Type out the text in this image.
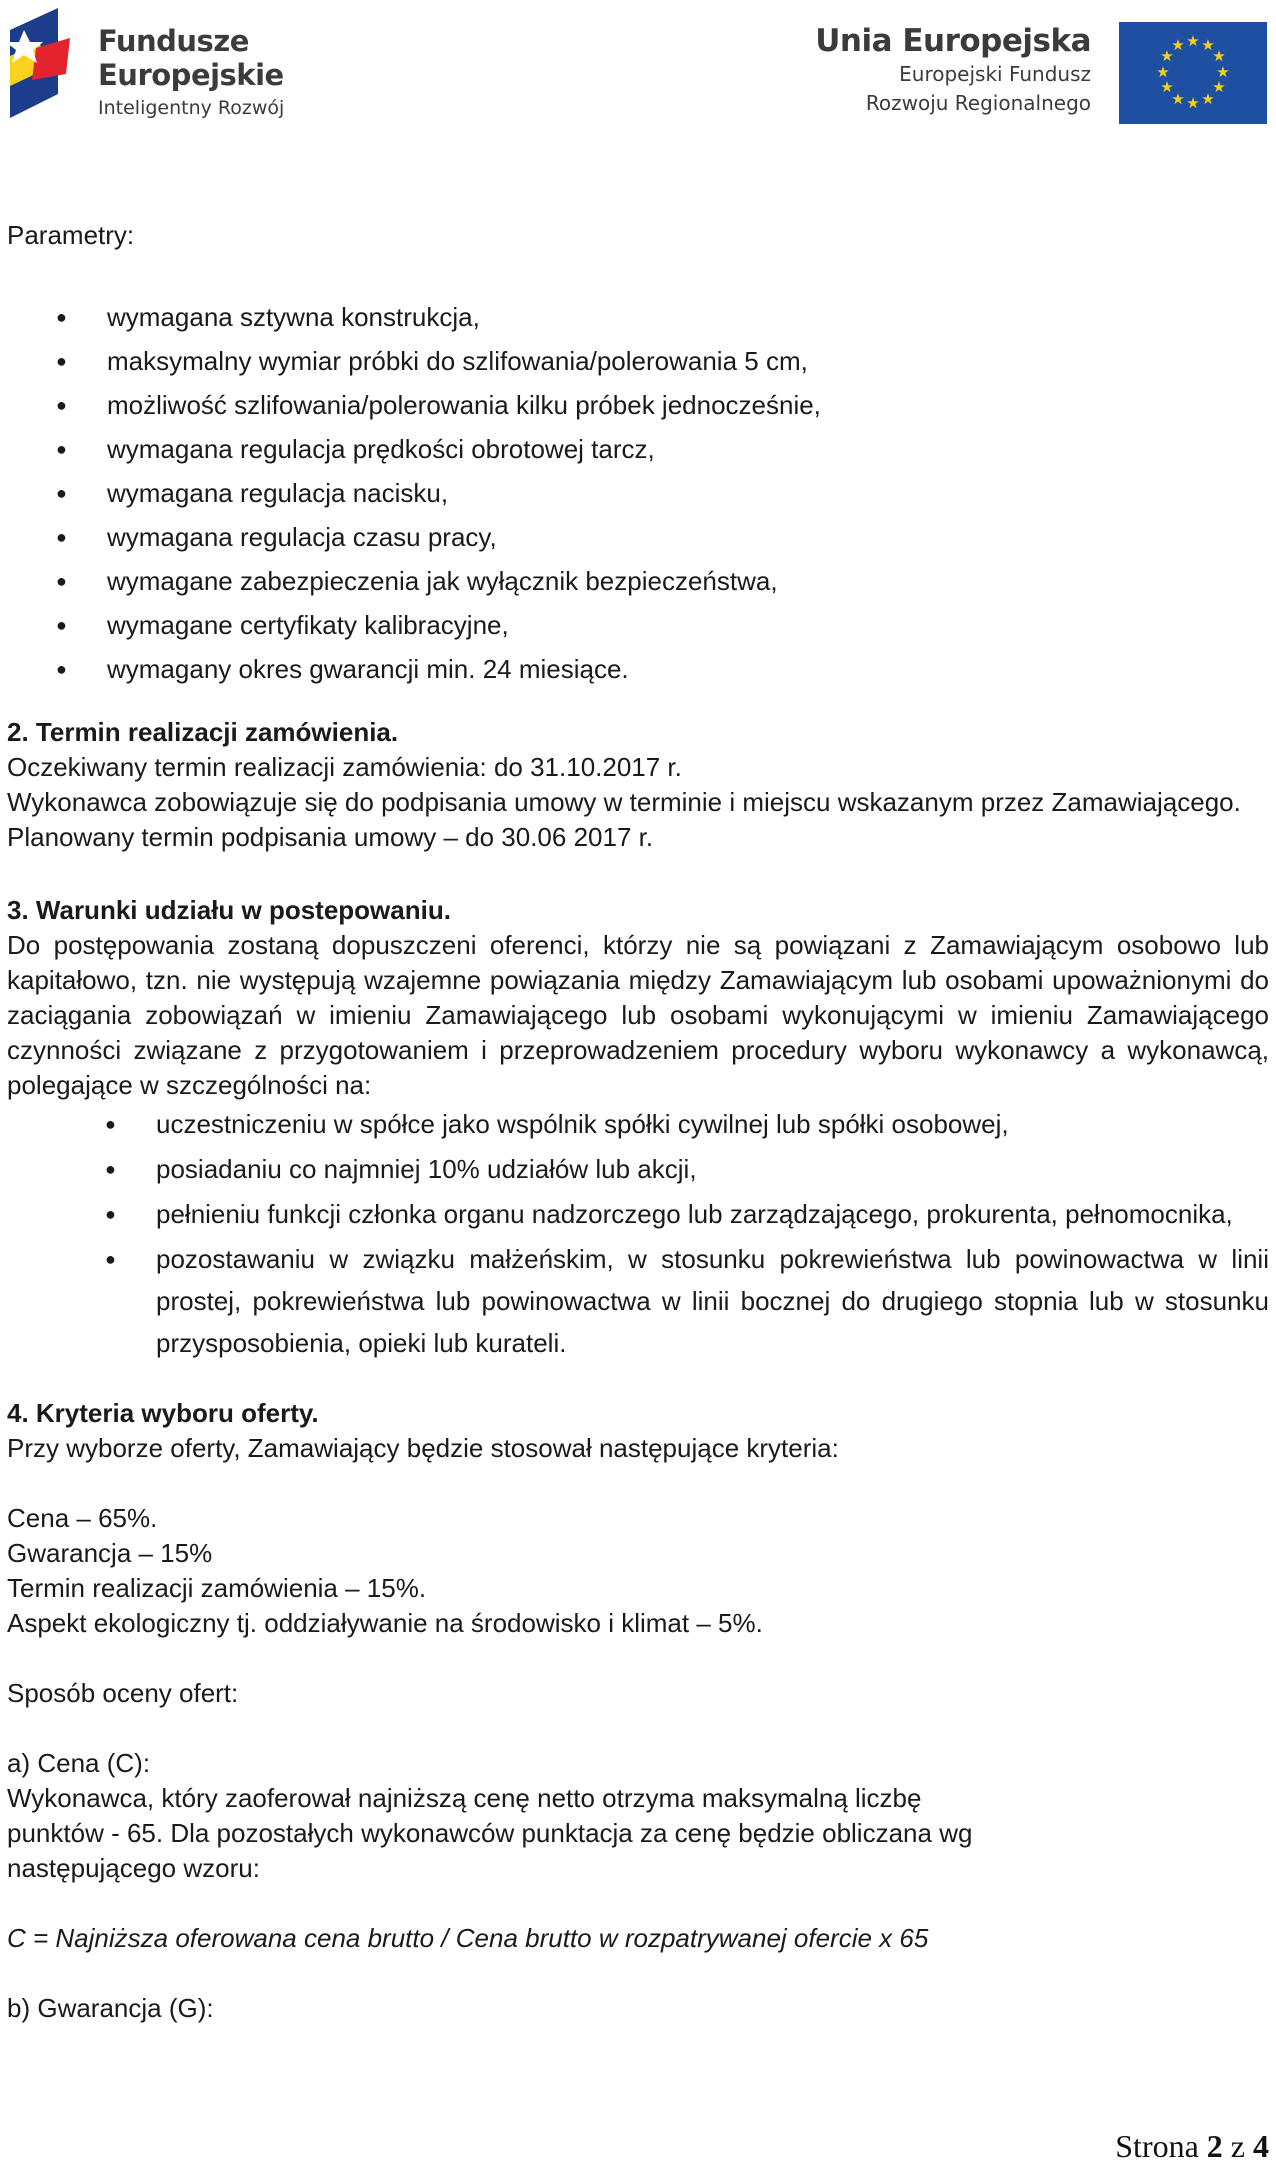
Fundusze
Europejskie
Inteligentny Rozwój
Unia Europejska
Europejski Fundusz
Rozwoju Regionalnego
★ ★
★
★
★
★
★
★
★
★
★
★

Parametry:

● wymagana sztywna konstrukcja,
● maksymalny wymiar próbki do szlifowania/polerowania 5 cm,
● możliwość szlifowania/polerowania kilku próbek jednocześnie,
● wymagana regulacja prędkości obrotowej tarcz,
● wymagana regulacja nacisku,
● wymagana regulacja czasu pracy,
● wymagane zabezpieczenia jak wyłącznik bezpieczeństwa,
● wymagane certyfikaty kalibracyjne,
● wymagany okres gwarancji min. 24 miesiące.

2. Termin realizacji zamówienia.

Oczekiwany termin realizacji zamówienia: do 31.10.2017 r.

Wykonawca zobowiązuje się do podpisania umowy w terminie i miejscu wskazanym przez Zamawiającego.

Planowany termin podpisania umowy – do 30.06 2017 r.

3. Warunki udziału w postepowaniu.

Do postępowania zostaną dopuszczeni oferenci, którzy nie są powiązani z Zamawiającym osobowo lub kapitałowo, tzn. nie występują wzajemne powiązania między Zamawiającym lub osobami upoważnionymi do zaciągania zobowiązań w imieniu Zamawiającego lub osobami wykonującymi w imieniu Zamawiającego czynności związane z przygotowaniem i przeprowadzeniem procedury wyboru wykonawcy a wykonawcą, polegające w szczególności na:

● uczestniczeniu w spółce jako wspólnik spółki cywilnej lub spółki osobowej,
● posiadaniu co najmniej 10% udziałów lub akcji,
● pełnieniu funkcji członka organu nadzorczego lub zarządzającego, prokurenta, pełnomocnika,
● pozostawaniu w związku małżeńskim, w stosunku pokrewieństwa lub powinowactwa w linii prostej, pokrewieństwa lub powinowactwa w linii bocznej do drugiego stopnia lub w stosunku przysposobienia, opieki lub kurateli.

4. Kryteria wyboru oferty.

Przy wyborze oferty, Zamawiający będzie stosował następujące kryteria:

Cena – 65%.

Gwarancja – 15%

Termin realizacji zamówienia – 15%.

Aspekt ekologiczny tj. oddziaływanie na środowisko i klimat – 5%.

Sposób oceny ofert:

a) Cena (C):

Wykonawca, który zaoferował najniższą cenę netto otrzyma maksymalną liczbę

punktów - 65. Dla pozostałych wykonawców punktacja za cenę będzie obliczana wg

następującego wzoru:

C = Najniższa oferowana cena brutto / Cena brutto w rozpatrywanej ofercie x 65

b) Gwarancja (G):

Strona 2 z 4
